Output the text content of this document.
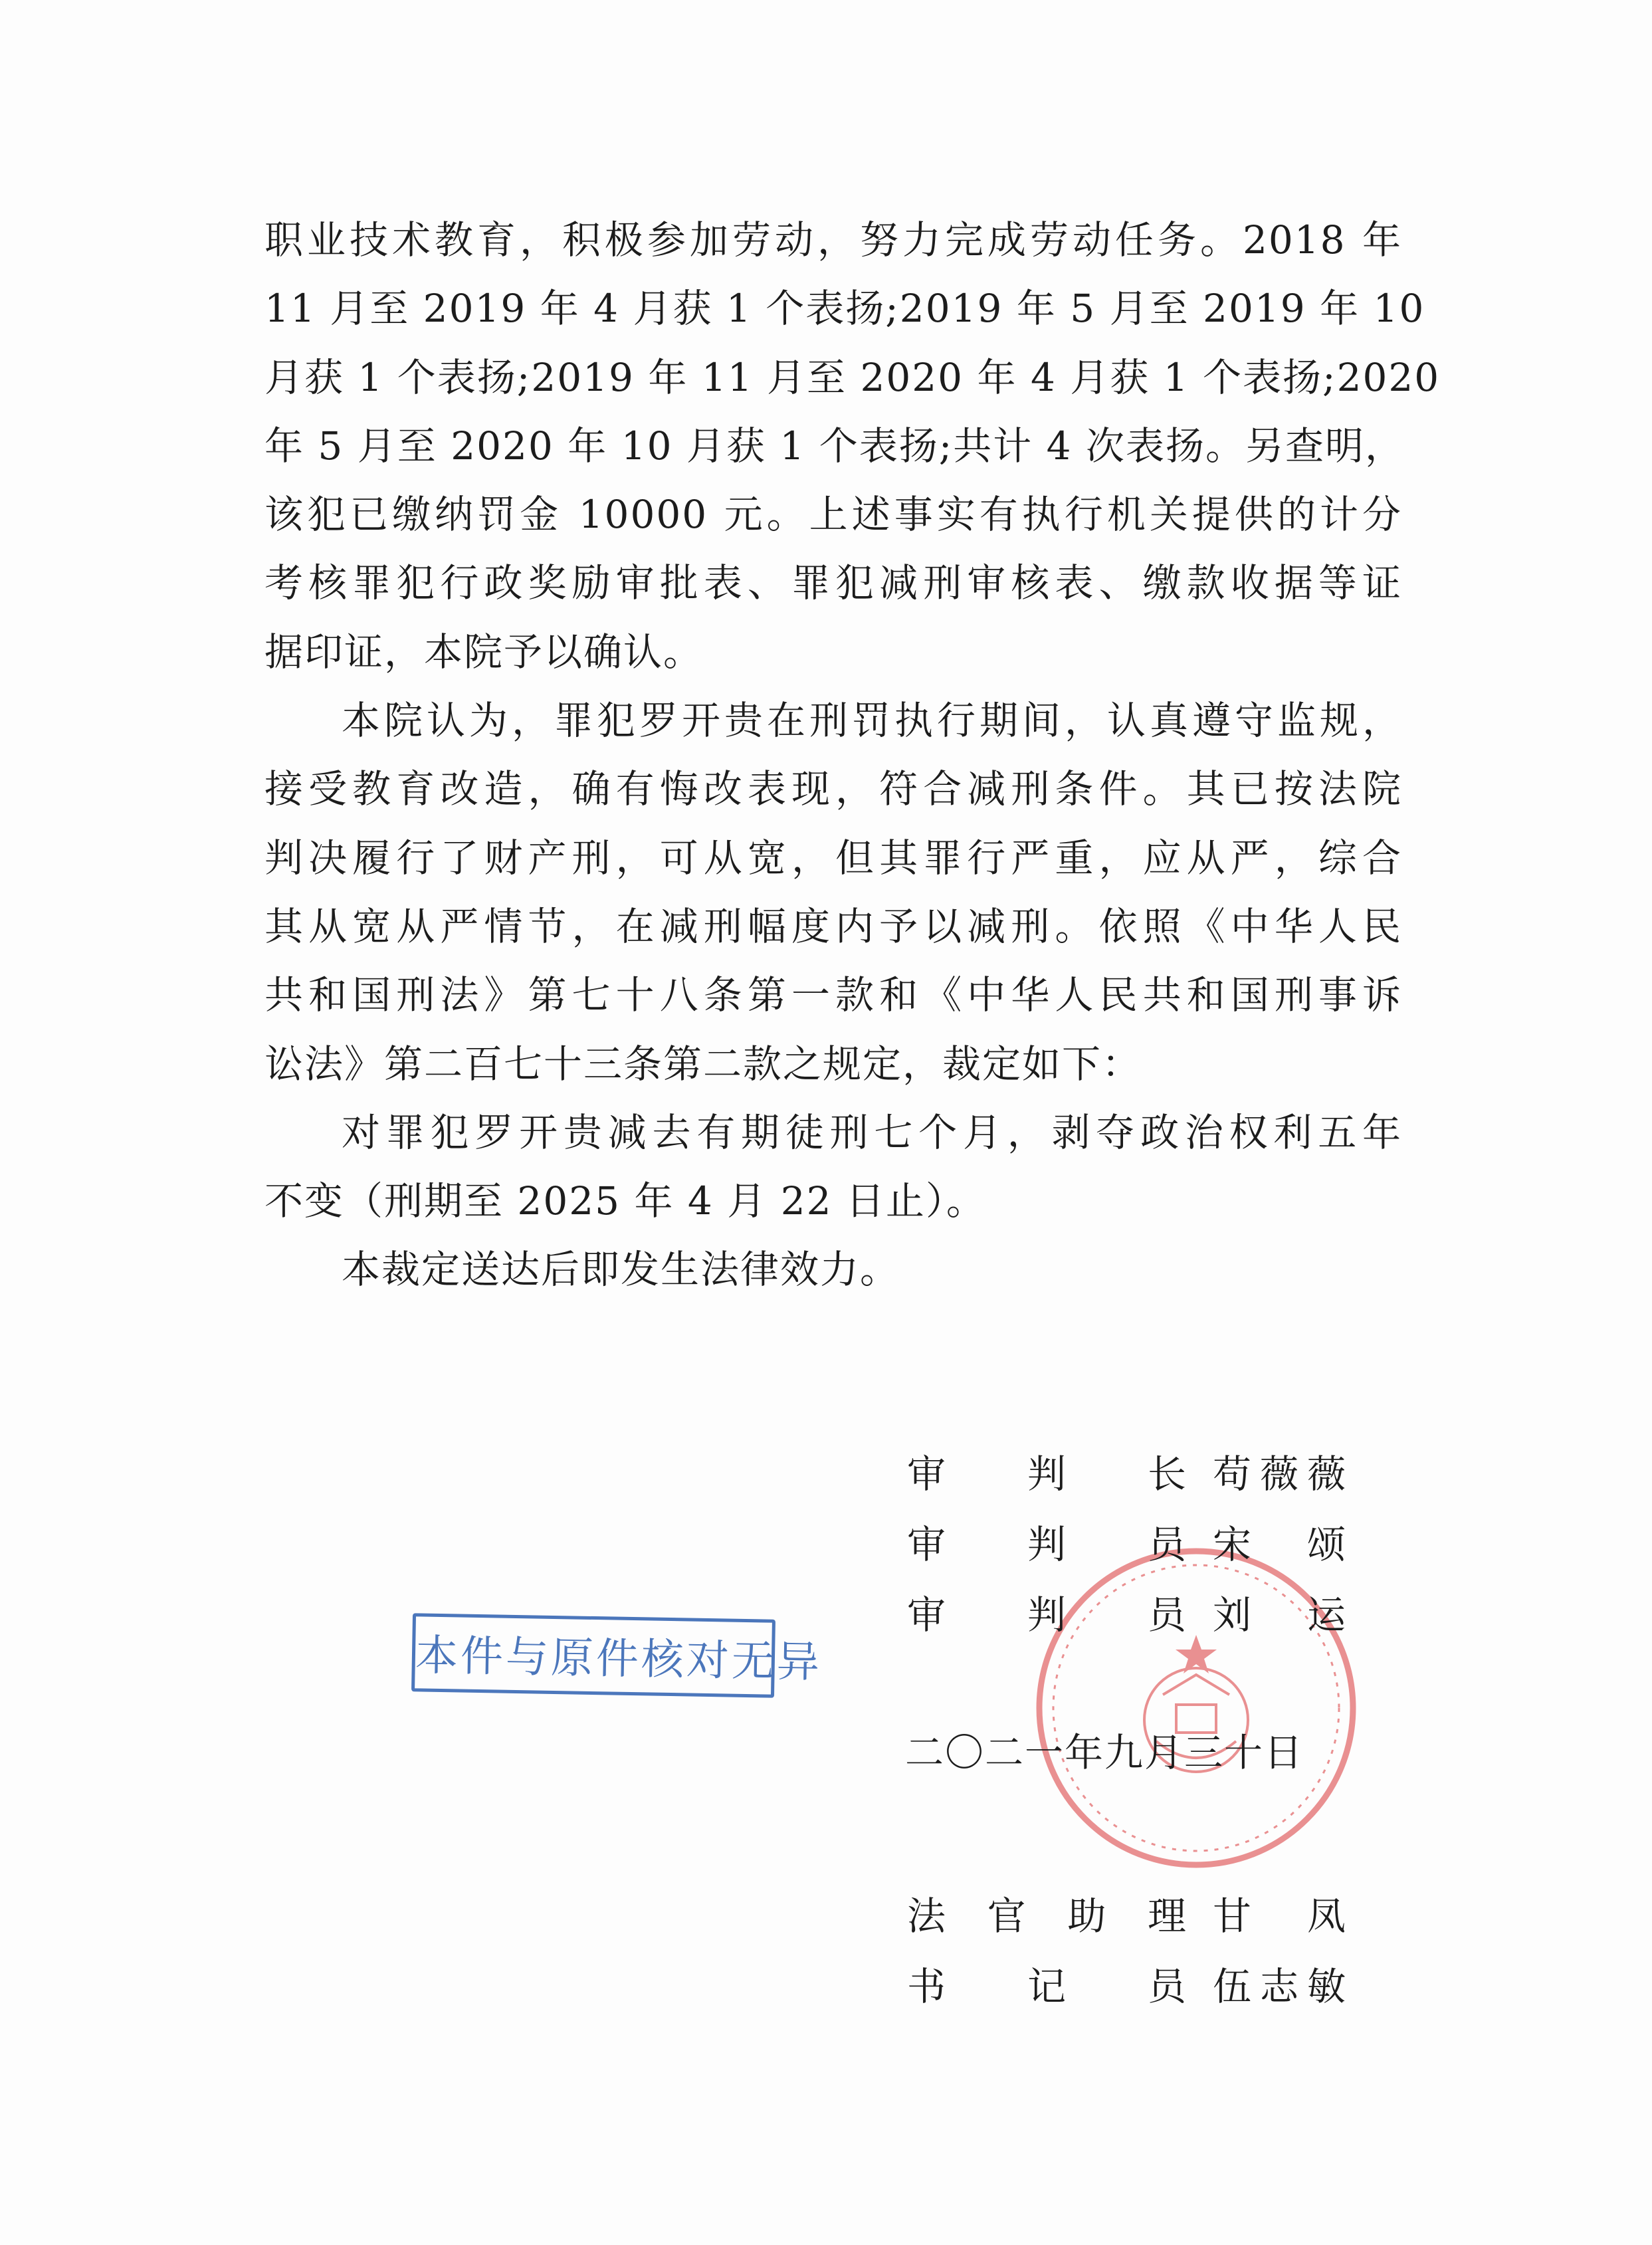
职业技术教育，积极参加劳动，努力完成劳动任务。2018 年
11 月至 2019 年 4 月获 1 个表扬;2019 年 5 月至 2019 年 10
月获 1 个表扬;2019 年 11 月至 2020 年 4 月获 1 个表扬;2020
年 5 月至 2020 年 10 月获 1 个表扬;共计 4 次表扬。另查明，
该犯已缴纳罚金 10000 元。上述事实有执行机关提供的计分
考核罪犯行政奖励审批表、罪犯减刑审核表、缴款收据等证
据印证，本院予以确认。
本院认为，罪犯罗开贵在刑罚执行期间，认真遵守监规，
接受教育改造，确有悔改表现，符合减刑条件。其已按法院
判决履行了财产刑，可从宽，但其罪行严重，应从严，综合
其从宽从严情节，在减刑幅度内予以减刑。依照《中华人民
共和国刑法》第七十八条第一款和《中华人民共和国刑事诉
讼法》第二百七十三条第二款之规定，裁定如下：
对罪犯罗开贵减去有期徒刑七个月，剥夺政治权利五年
不变（刑期至 2025 年 4 月 22 日止）。
本裁定送达后即发生法律效力。
审判长 苟薇薇
审判员 宋颂
审判员 刘运
二〇二一年九月三十日
法官助理 甘凤
书记员 伍志敏
本件与原件核对无异
